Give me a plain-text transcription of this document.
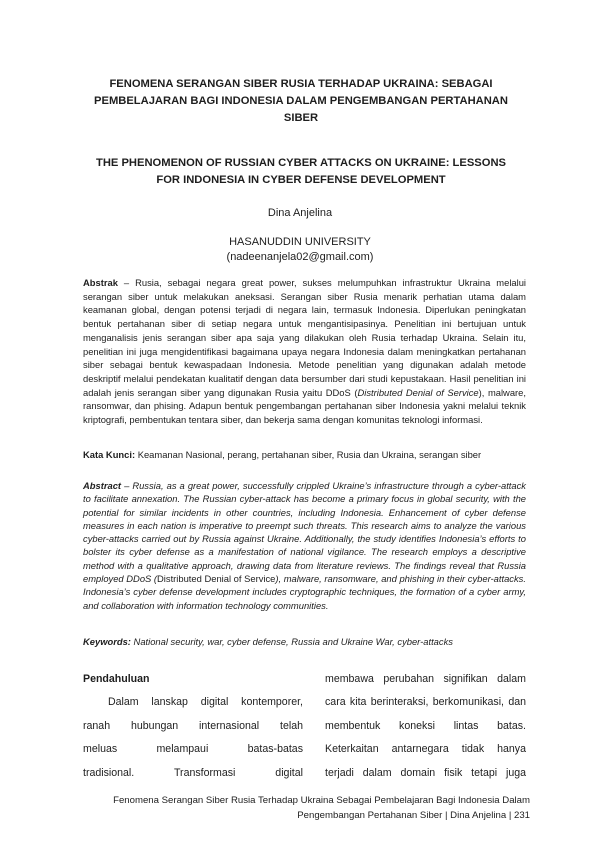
FENOMENA SERANGAN SIBER RUSIA TERHADAP UKRAINA: SEBAGAI
PEMBELAJARAN BAGI INDONESIA DALAM PENGEMBANGAN PERTAHANAN
SIBER
THE PHENOMENON OF RUSSIAN CYBER ATTACKS ON UKRAINE: LESSONS
FOR INDONESIA IN CYBER DEFENSE DEVELOPMENT
Dina Anjelina
HASANUDDIN UNIVERSITY
(nadeenanjela02@gmail.com)
Abstrak – Rusia, sebagai negara great power, sukses melumpuhkan infrastruktur Ukraina melalui serangan siber untuk melakukan aneksasi. Serangan siber Rusia menarik perhatian utama dalam keamanan global, dengan potensi terjadi di negara lain, termasuk Indonesia. Diperlukan peningkatan bentuk pertahanan siber di setiap negara untuk mengantisipasinya. Penelitian ini bertujuan untuk menganalisis jenis serangan siber apa saja yang dilakukan oleh Rusia terhadap Ukraina. Selain itu, penelitian ini juga mengidentifikasi bagaimana upaya negara Indonesia dalam meningkatkan pertahanan siber sebagai bentuk kewaspadaan Indonesia. Metode penelitian yang digunakan adalah metode deskriptif melalui pendekatan kualitatif dengan data bersumber dari studi kepustakaan. Hasil penelitian ini adalah jenis serangan siber yang digunakan Rusia yaitu DDoS (Distributed Denial of Service), malware, ransomwar, dan phising. Adapun bentuk pengembangan pertahanan siber Indonesia yakni melalui teknik kriptografi, pembentukan tentara siber, dan bekerja sama dengan komunitas teknologi informasi.
Kata Kunci: Keamanan Nasional, perang, pertahanan siber, Rusia dan Ukraina, serangan siber
Abstract – Russia, as a great power, successfully crippled Ukraine’s infrastructure through a cyber-attack to facilitate annexation. The Russian cyber-attack has become a primary focus in global security, with the potential for similar incidents in other countries, including Indonesia. Enhancement of cyber defense measures in each nation is imperative to preempt such threats. This research aims to analyze the various cyber-attacks carried out by Russia against Ukraine. Additionally, the study identifies Indonesia’s efforts to bolster its cyber defense as a manifestation of national vigilance. The research employs a descriptive method with a qualitative approach, drawing data from literature reviews. The findings reveal that Russia employed DDoS (Distributed Denial of Service), malware, ransomware, and phishing in their cyber-attacks. Indonesia’s cyber defense development includes cryptographic techniques, the formation of a cyber army, and collaboration with information technology communities.
Keywords: National security, war, cyber defense, Russia and Ukraine War, cyber-attacks
Pendahuluan
Dalam lanskap digital kontemporer,
ranah hubungan internasional telah
meluas melampaui batas-batas
tradisional. Transformasi digital
membawa perubahan signifikan dalam
cara kita berinteraksi, berkomunikasi, dan
membentuk koneksi lintas batas.
Keterkaitan antarnegara tidak hanya
terjadi dalam domain fisik tetapi juga
Fenomena Serangan Siber Rusia Terhadap Ukraina Sebagai Pembelajaran Bagi Indonesia Dalam
Pengembangan Pertahanan Siber | Dina Anjelina | 231
